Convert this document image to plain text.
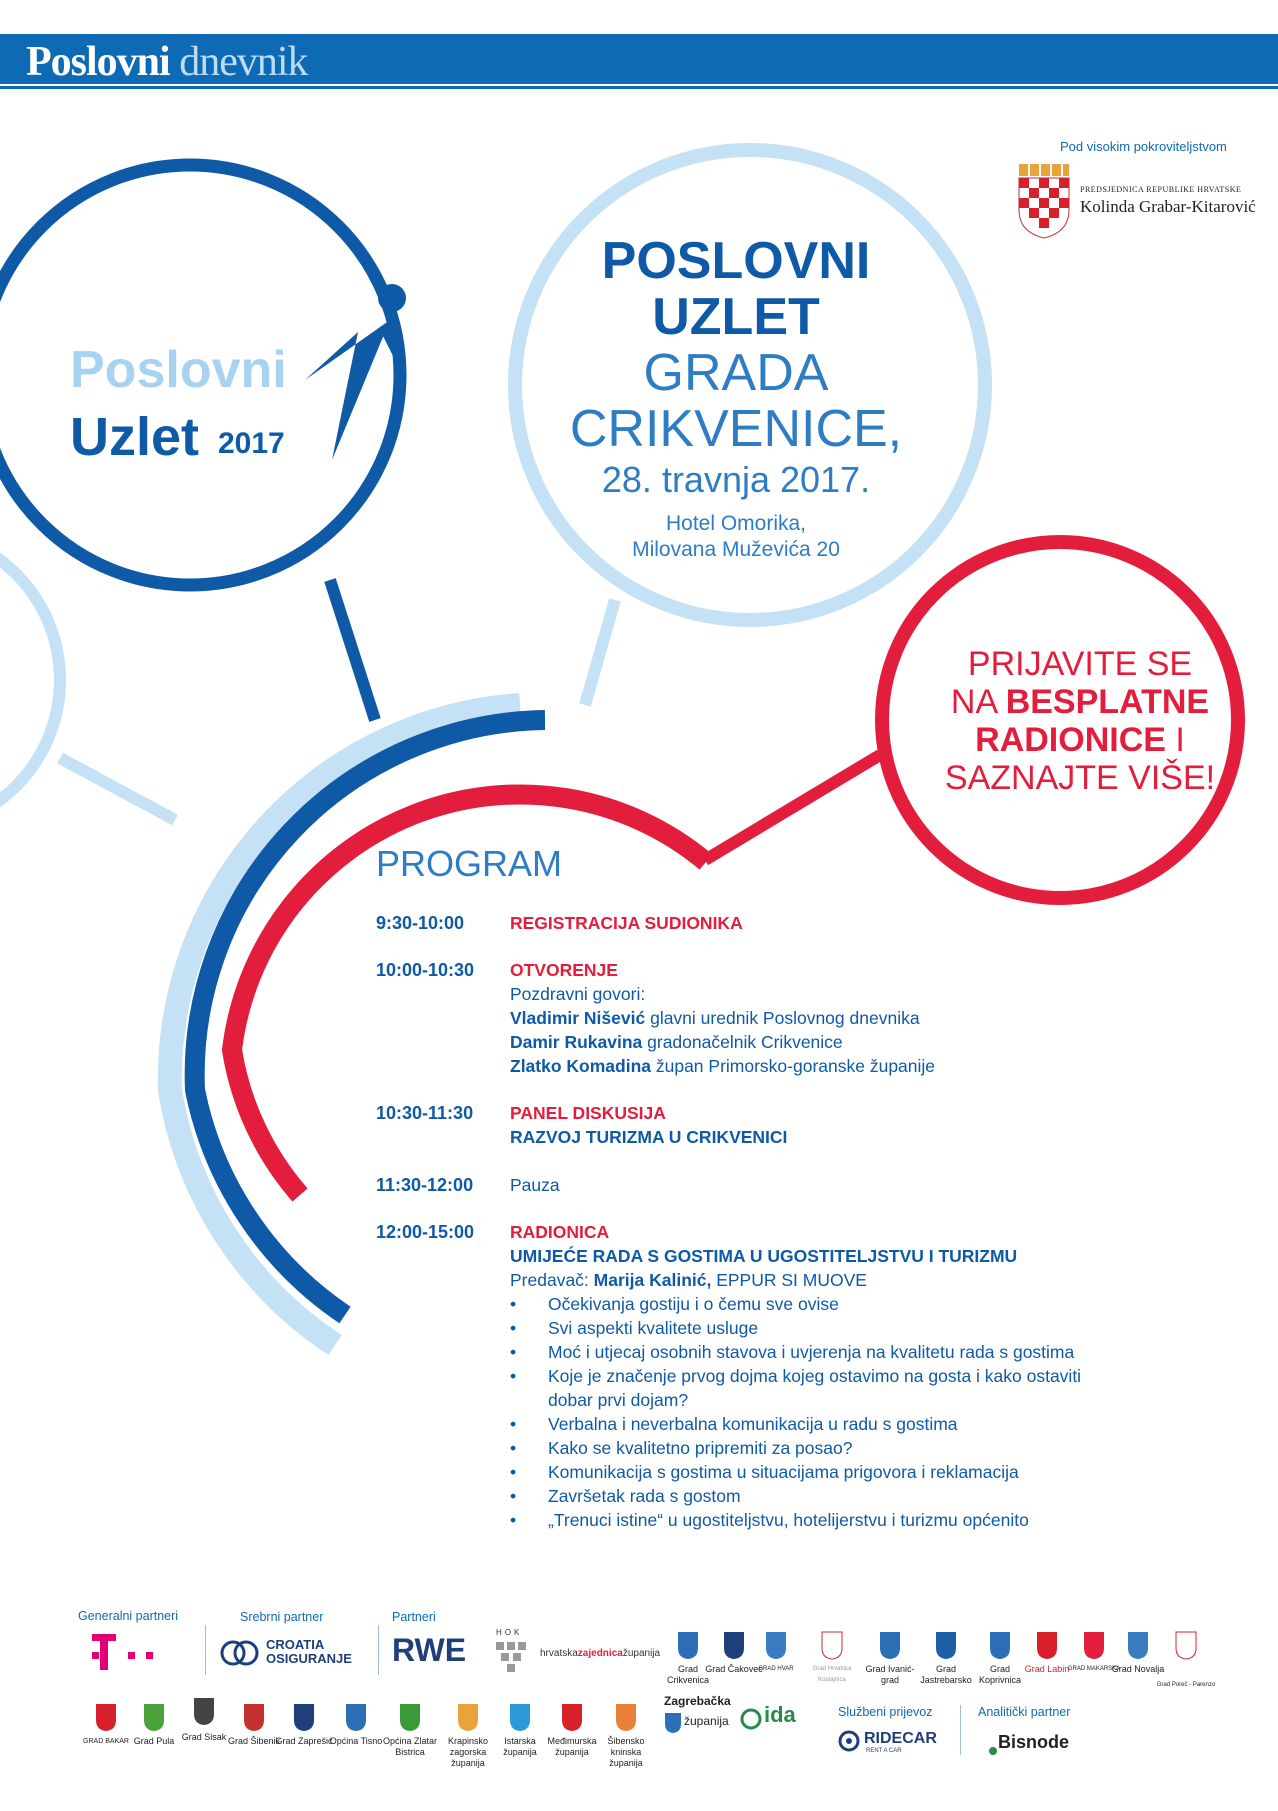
Poslovni dnevnik
Pod visokim pokroviteljstvom
PREDSJEDNICA REPUBLIKE HRVATSKE
Kolinda Grabar-Kitarović
Poslovni
Uzlet 2017
POSLOVNI
UZLET
GRADA
CRIKVENICE,
28. travnja 2017.
Hotel Omorika,
Milovana Muževića 20
PRIJAVITE SE
NA BESPLATNE
RADIONICE I
SAZNAJTE VIŠE!
PROGRAM
9:30-10:00	REGISTRACIJA SUDIONIKA
10:00-10:30 OTVORENJE
Pozdravni govori:
Vladimir Nišević glavni urednik Poslovnog dnevnika
Damir Rukavina gradonačelnik Crikvenice
Zlatko Komadina župan Primorsko-goranske županije
10:30-11:30 PANEL DISKUSIJA
RAZVOJ TURIZMA U CRIKVENICI
11:30-12:00 Pauza
12:00-15:00 RADIONICA
UMIJEĆE RADA S GOSTIMA U UGOSTITELJSTVU I TURIZMU
Predavač: Marija Kalinić, EPPUR SI MUOVE
• Očekivanja gostiju i o čemu sve ovise
• Svi aspekti kvalitete usluge
• Moć i utjecaj osobnih stavova i uvjerenja na kvalitetu rada s gostima
• Koje je značenje prvog dojma kojeg ostavimo na gosta i kako ostaviti
dobar prvi dojam?
• Verbalna i neverbalna komunikacija u radu s gostima
• Kako se kvalitetno pripremiti za posao?
• Komunikacija s gostima u situacijama prigovora i reklamacija
• Završetak rada s gostom
• „Trenuci istine“ u ugostiteljstvu, hotelijerstvu i turizmu općenito
Generalni partneri	Srebrni partner	Partneri
Službeni prijevoz	Analitički partner
CROATIA
OSIGURANJE RWE	HOK
hrvatskazajednicažupanija
Grad Crikvenica
Grad Čakovec
GRAD HVAR	Grad Hrvatska Kostajnica
Grad Ivanić-grad
Grad Jastrebarsko
Grad Koprivnica
Grad Labin
GRAD MAKARSKA
Grad Novalja
Grad Poreč - Parenzo
GRAD BAKAR Grad Pula Grad Sisak Grad Šibenik
Grad Zaprešić
Općina Tisno Općina Zlatar Bistrica
Krapinsko zagorska županija
Istarska županija
Međimurska županija
Šibensko kninska županija
Zagrebačka
županija ida
RIDECAR
RENT A CAR	Bisnode
